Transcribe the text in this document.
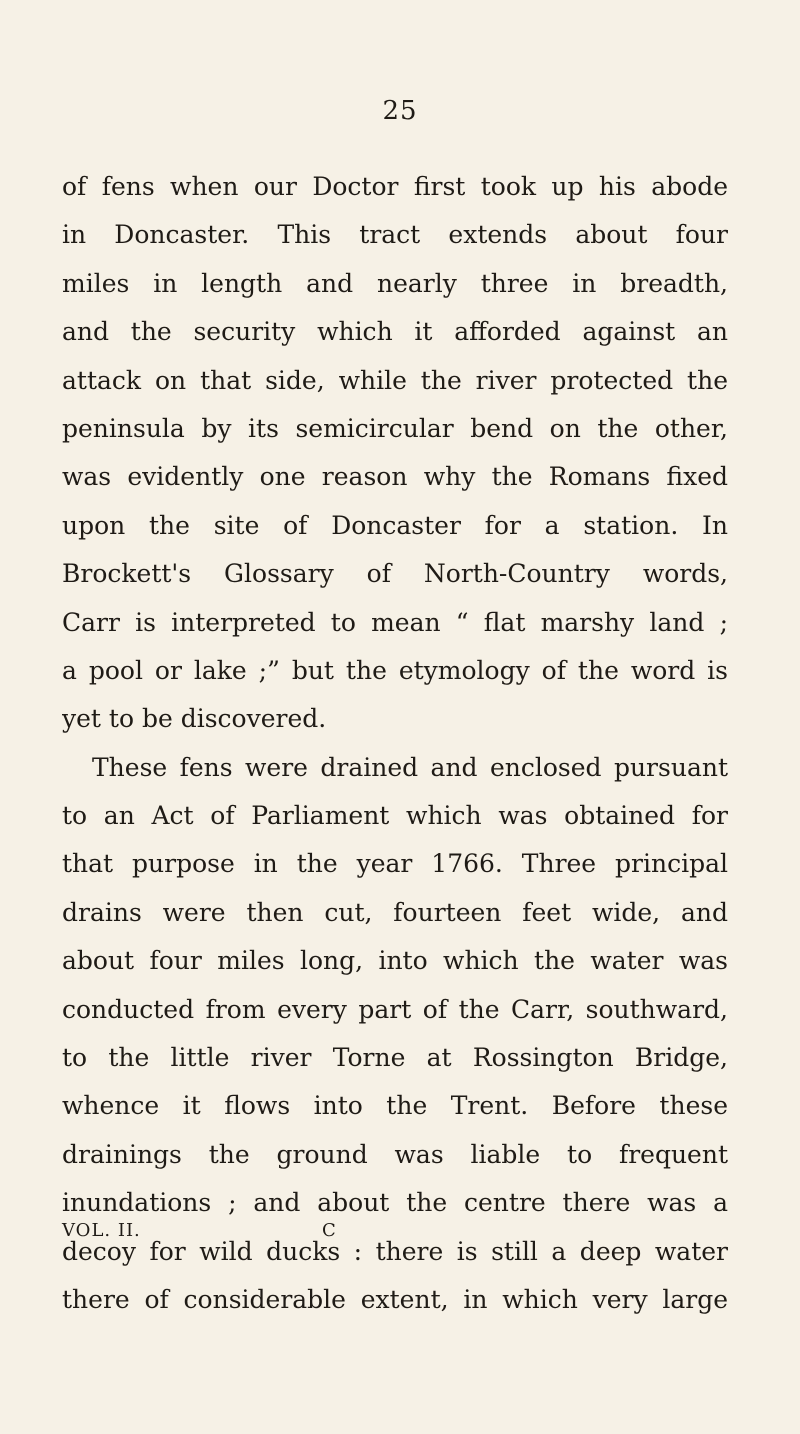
25
of fens when our Doctor first took up his abode
in Doncaster. This tract extends about four
miles in length and nearly three in breadth,
and the security which it afforded against an
attack on that side, while the river protected the
peninsula by its semicircular bend on the other,
was evidently one reason why the Romans fixed
upon the site of Doncaster for a station. In
Brockett's Glossary of North-Country words,
Carr is interpreted to mean “ flat marshy land ;
a pool or lake ;” but the etymology of the word is
yet to be discovered.
These fens were drained and enclosed pursuant
to an Act of Parliament which was obtained for
that purpose in the year 1766. Three principal
drains were then cut, fourteen feet wide, and
about four miles long, into which the water was
conducted from every part of the Carr, southward,
to the little river Torne at Rossington Bridge,
whence it flows into the Trent. Before these
drainings the ground was liable to frequent
inundations ; and about the centre there was a
decoy for wild ducks : there is still a deep water
there of considerable extent, in which very large
VOL. II.	C
